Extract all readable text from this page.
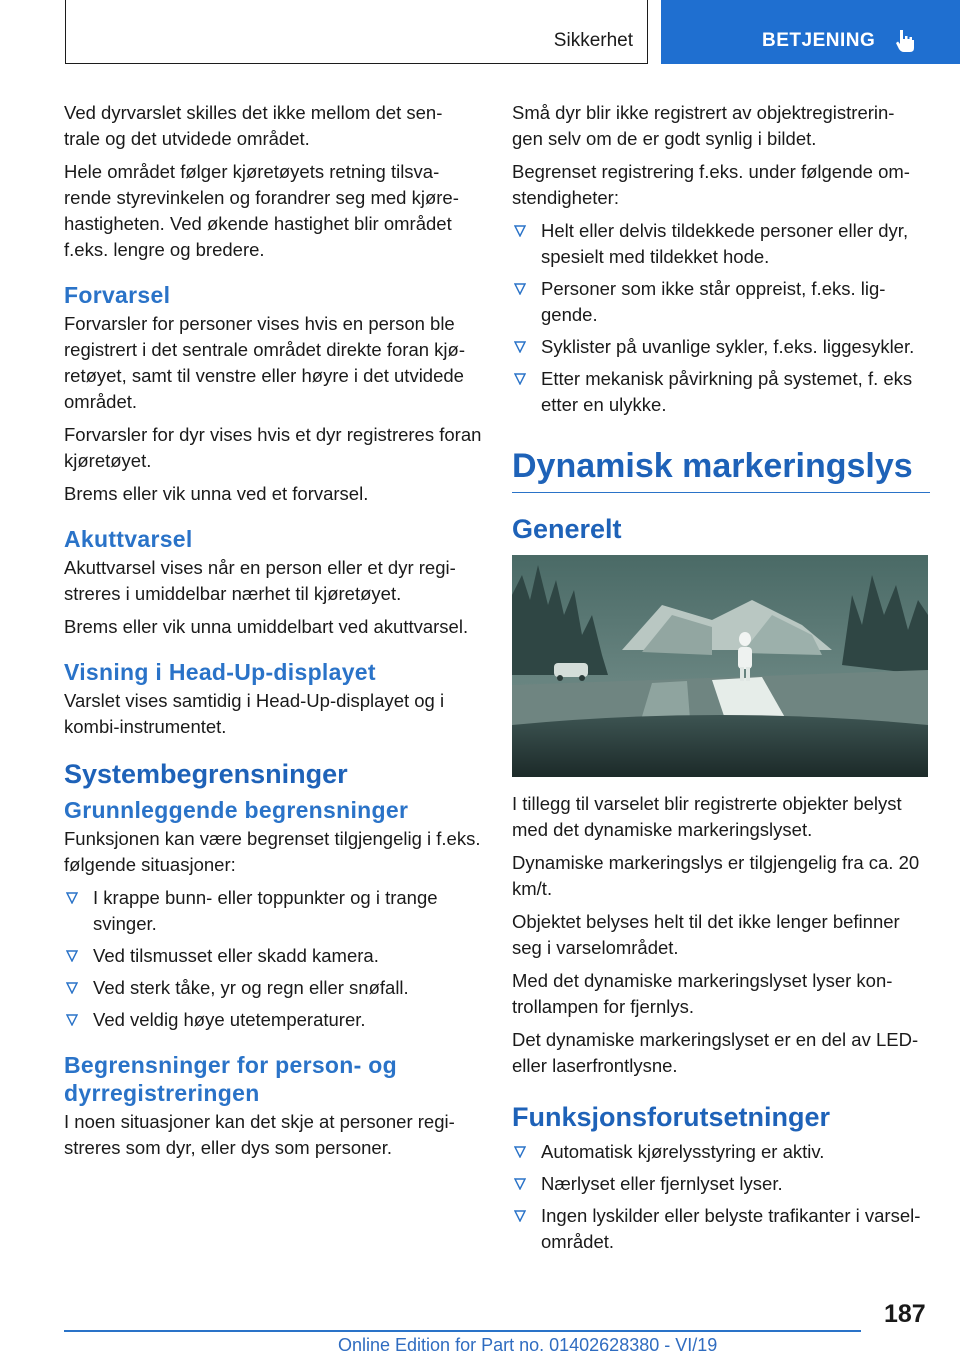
Sikkerhet	BETJENING

Ved dyrvarslet skilles det ikke mellom det sen‐ trale og det utvidede området.

Hele området følger kjøretøyets retning tilsva‐ rende styrevinkelen og forandrer seg med kjøre‐ hastigheten. Ved økende hastighet blir området f.eks. lengre og bredere.

Forvarsel

Forvarsler for personer vises hvis en person ble registrert i det sentrale området direkte foran kjø‐ retøyet, samt til venstre eller høyre i det utvidede området.

Forvarsler for dyr vises hvis et dyr registreres foran kjøretøyet.

Brems eller vik unna ved et forvarsel.

Akuttvarsel

Akuttvarsel vises når en person eller et dyr regi‐ streres i umiddelbar nærhet til kjøretøyet.

Brems eller vik unna umiddelbart ved akuttvarsel.

Visning i Head-Up-displayet

Varslet vises samtidig i Head-Up-displayet og i kombi-instrumentet.

Systembegrensninger
Grunnleggende begrensninger

Funksjonen kan være begrenset tilgjengelig i f.eks. følgende situasjoner:

I krappe bunn- eller toppunkter og i trange svinger.
Ved tilsmusset eller skadd kamera.
Ved sterk tåke, yr og regn eller snøfall.
Ved veldig høye utetemperaturer.
Begrensninger for person- og dyrregistreringen

I noen situasjoner kan det skje at personer regi‐ streres som dyr, eller dys som personer.

Små dyr blir ikke registrert av objektregistrerin‐ gen selv om de er godt synlig i bildet.

Begrenset registrering f.eks. under følgende om‐ stendigheter:

Helt eller delvis tildekkede personer eller dyr, spesielt med tildekket hode.
Personer som ikke står oppreist, f.eks. lig‐ gende.
Syklister på uvanlige sykler, f.eks. liggesykler.
Etter mekanisk påvirkning på systemet, f. eks etter en ulykke.
Dynamisk markeringslys
Generelt

I tillegg til varselet blir registrerte objekter belyst med det dynamiske markeringslyset.

Dynamiske markeringslys er tilgjengelig fra ca. 20 km/t.

Objektet belyses helt til det ikke lenger befinner seg i varselområdet.

Med det dynamiske markeringslyset lyser kon‐ trollampen for fjernlys.

Det dynamiske markeringslyset er en del av LED- eller laserfrontlysne.

Funksjonsforutsetninger
Automatisk kjørelysstyring er aktiv.
Nærlyset eller fjernlyset lyser.
Ingen lyskilder eller belyste trafikanter i varsel‐ området.
187
Online Edition for Part no. 01402628380 - VI/19
